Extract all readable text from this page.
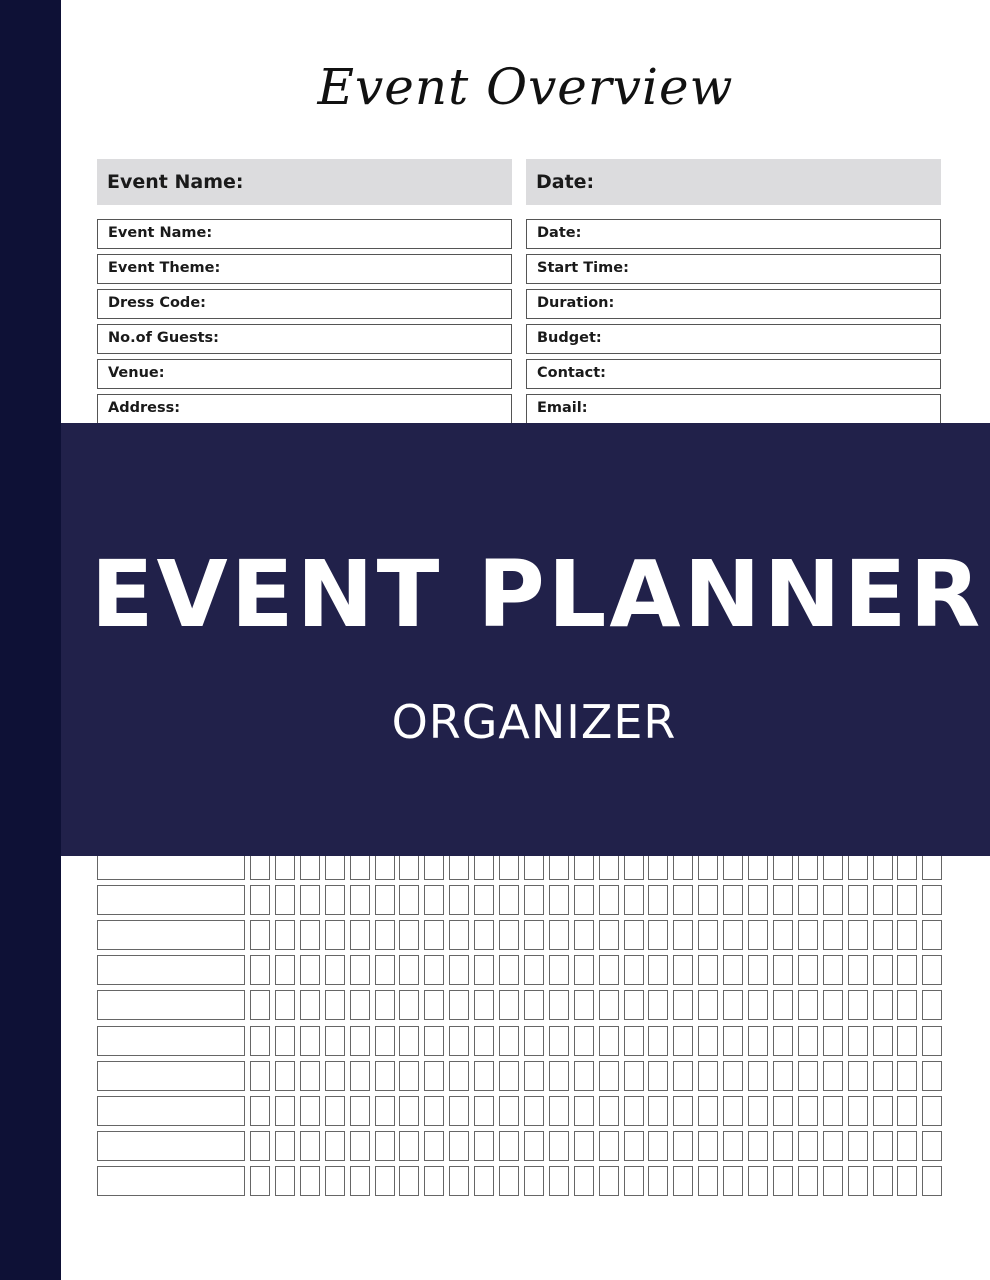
Event Overview
Event Name:	Date:
Event Name:
Event Theme:
Dress Code:
No.of Guests:
Venue:
Address:
Date:
Start Time:
Duration:
Budget:
Contact:
Email:
EVENT PLANNER
ORGANIZER
